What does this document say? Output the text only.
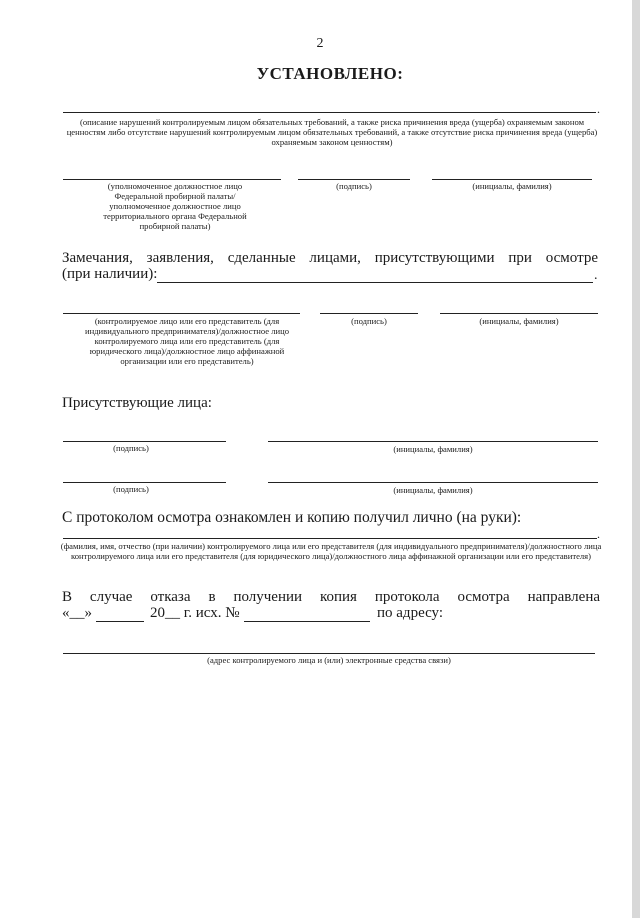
2
УСТАНОВЛЕНО:
.
(описание нарушений контролируемым лицом обязательных требований, а также риска причинения вреда (ущерба) охраняемым законом ценностям либо отсутствие нарушений контролируемым лицом обязательных требований, а также отсутствие риска причинения вреда (ущерба) охраняемым законом ценностям)
(уполномоченное должностное лицо Федеральной пробирной палаты/ уполномоченное должностное лицо территориального органа Федеральной пробирной палаты)
(подпись)	(инициалы, фамилия)
Замечания, заявления, сделанные лицами, присутствующими при осмотре
(при наличии):	.
(контролируемое лицо или его представитель (для индивидуального предпринимателя)/должностное лицо контролируемого лица или его представитель (для юридического лица)/должностное лицо аффинажной организации или его представитель)
(подпись)	(инициалы, фамилия)
Присутствующие лица:
(подпись)	(инициалы, фамилия)
(подпись)	(инициалы, фамилия)
С протоколом осмотра ознакомлен и копию получил лично (на руки):
.
(фамилия, имя, отчество (при наличии) контролируемого лица или его представителя (для индивидуального предпринимателя)/должностного лица контролируемого лица или его представителя (для юридического лица)/должностного лица аффинажной организации или его представителя)
В случае отказа в получении копия протокола осмотра направлена
«__»	20__ г. исх. №	по адресу:
(адрес контролируемого лица и (или) электронные средства связи)
